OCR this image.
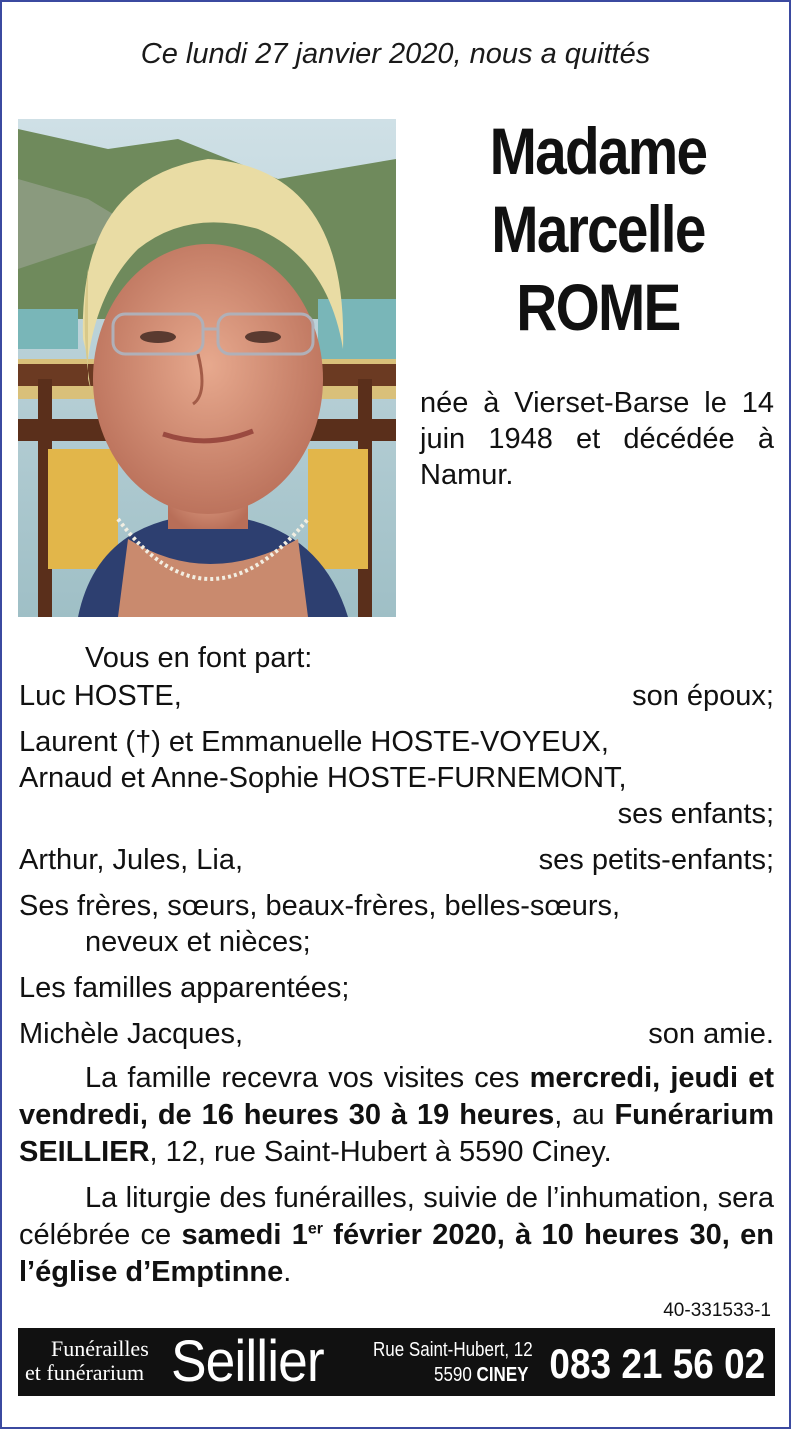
Ce lundi 27 janvier 2020, nous a quittés
Madame
Marcelle
ROME
née à Vierset-Barse le 14 juin 1948 et décédée à Namur.
Vous en font part:
Luc HOSTE,	son époux;
Laurent (†) et Emmanuelle HOSTE-VOYEUX,
Arnaud et Anne-Sophie HOSTE-FURNEMONT,
ses enfants;
Arthur, Jules, Lia,	ses petits-enfants;
Ses frères, sœurs, beaux-frères, belles-sœurs,
neveux et nièces;
Les familles apparentées;
Michèle Jacques,	son amie.
La famille recevra vos visites ces mercredi, jeudi et vendredi, de 16 heures 30 à 19 heures, au Funérarium SEILLIER, 12, rue Saint-Hubert à 5590 Ciney.
La liturgie des funérailles, suivie de l’inhumation, sera célébrée ce samedi 1er février 2020, à 10 heures 30, en l’église d’Emptinne.
40-331533-1
Funérailles
et funérarium Seillier Rue Saint-Hubert, 12
5590 CINEY 083 21 56 02
